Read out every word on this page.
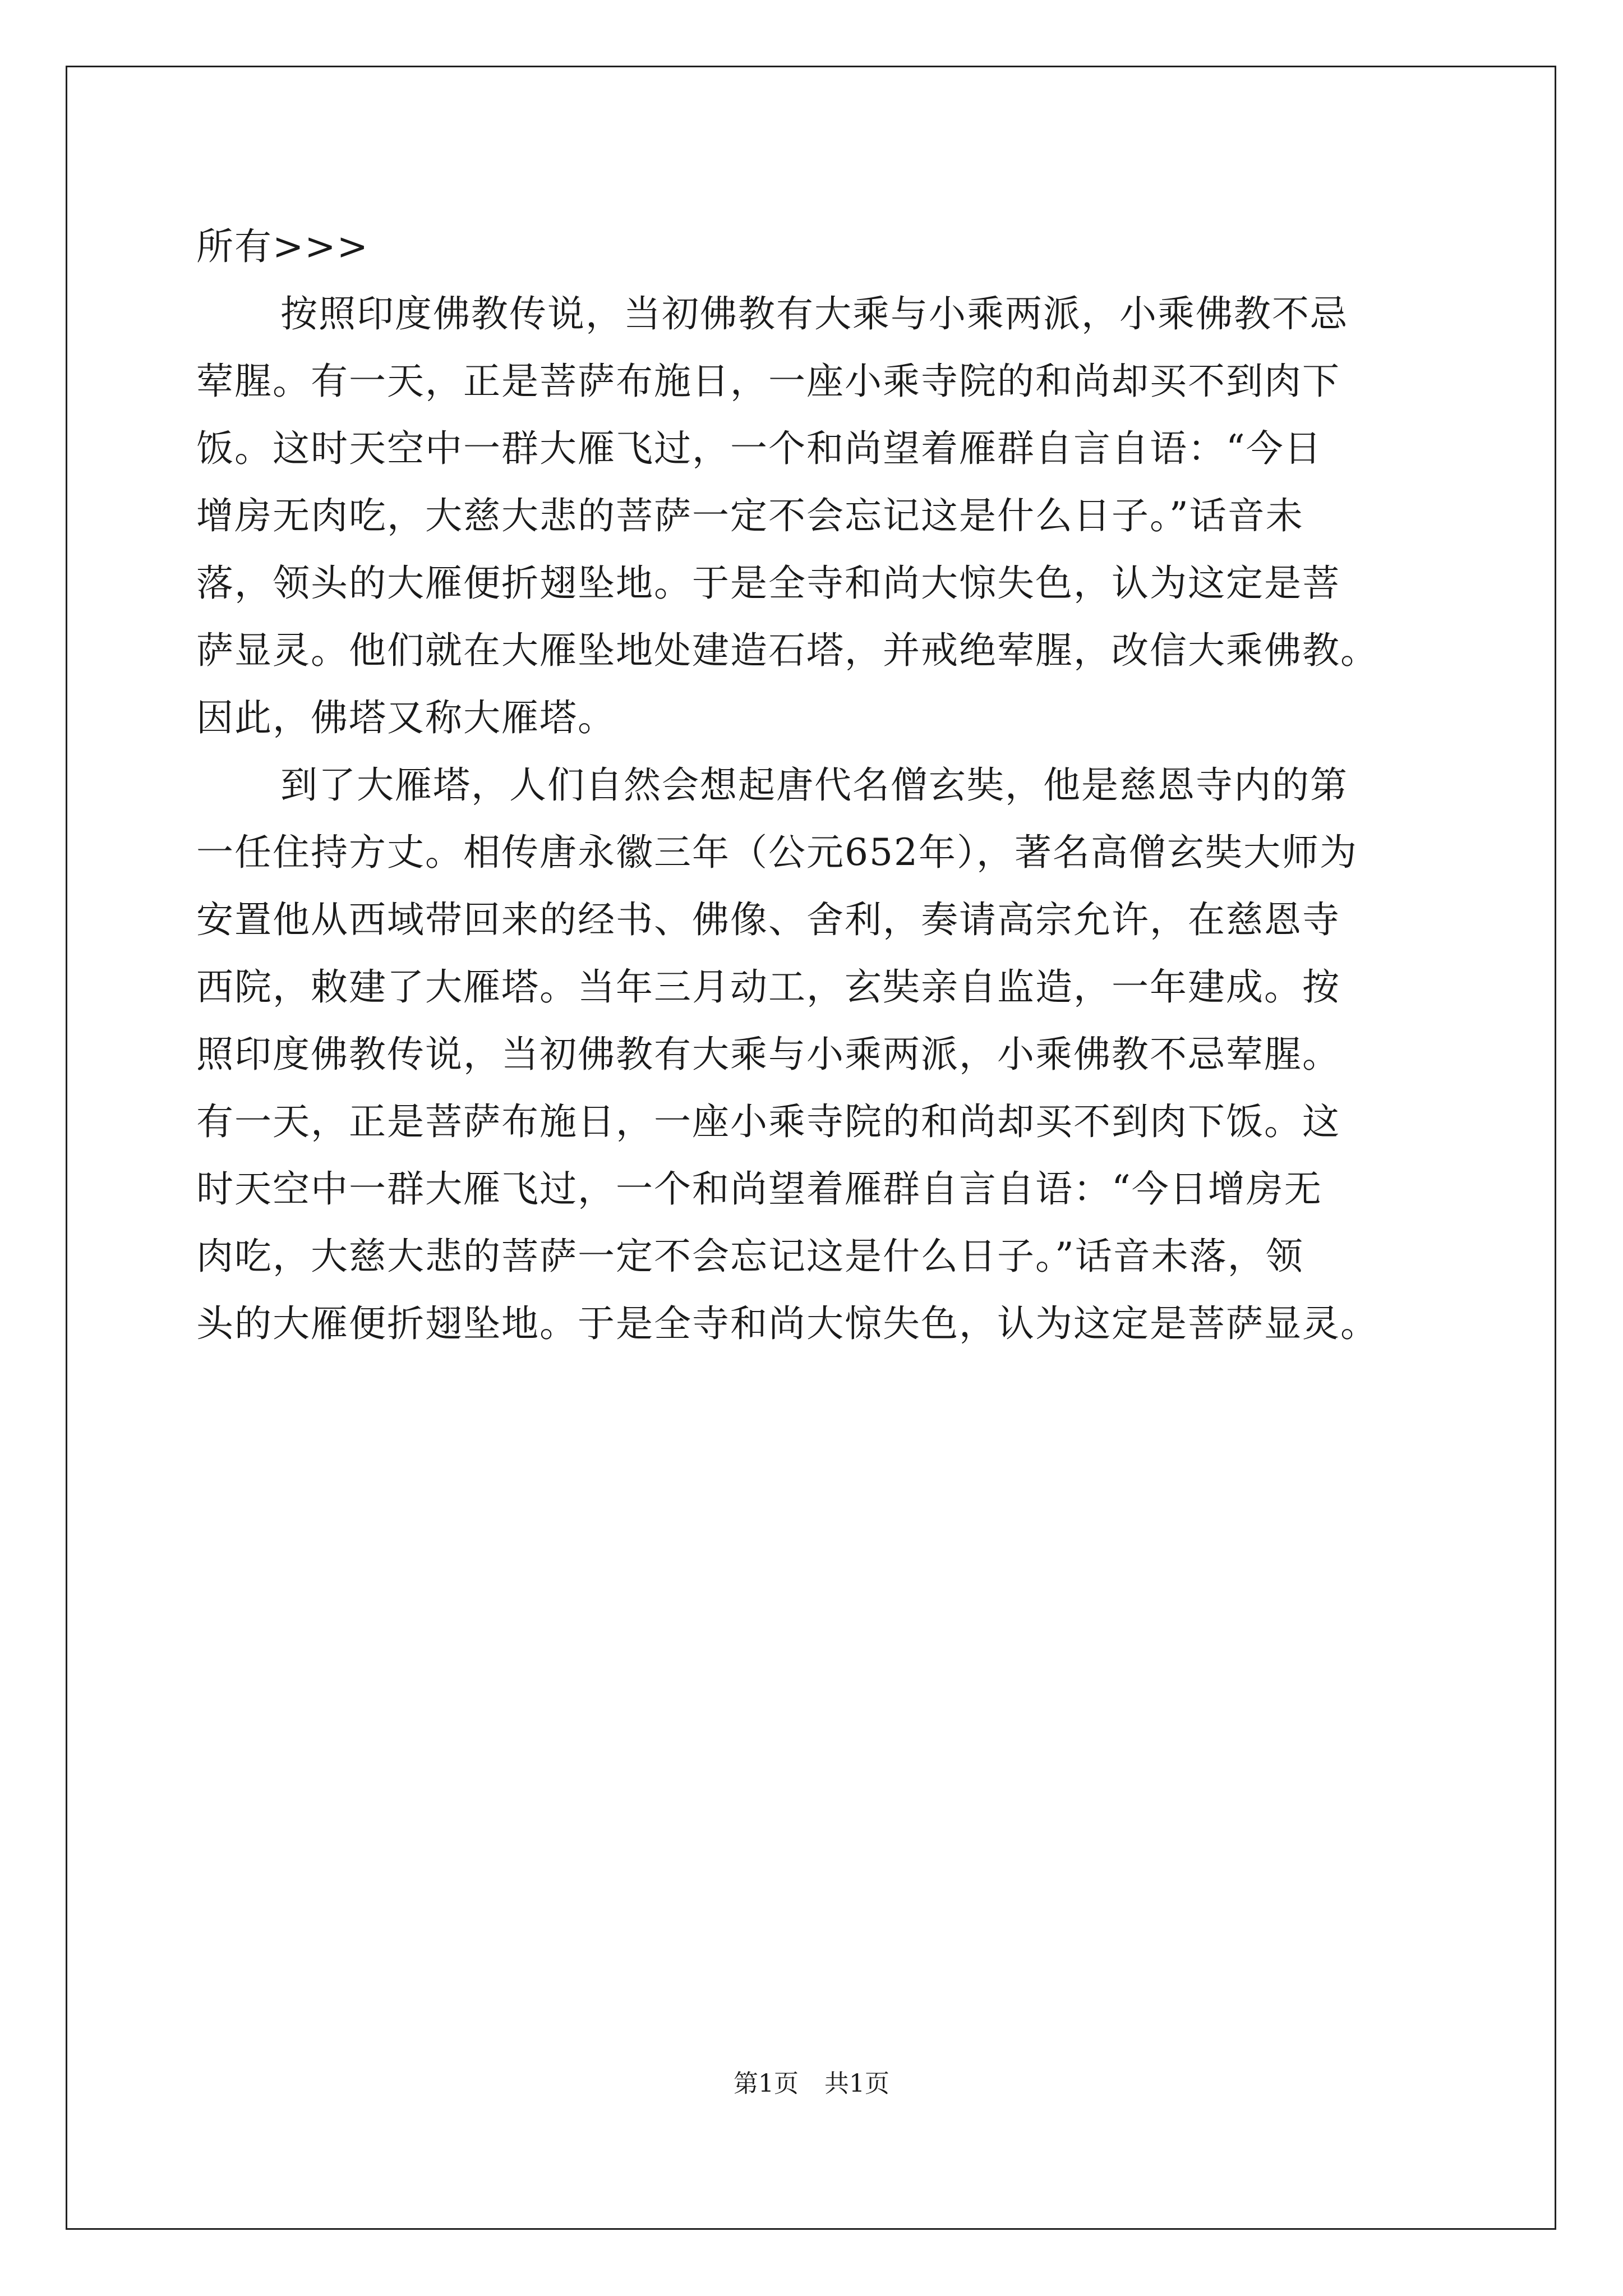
所有>>>
按照印度佛教传说，当初佛教有大乘与小乘两派，小乘佛教不忌
荤腥。有一天，正是菩萨布施日，一座小乘寺院的和尚却买不到肉下
饭。这时天空中一群大雁飞过，一个和尚望着雁群自言自语：“今日
增房无肉吃，大慈大悲的菩萨一定不会忘记这是什么日子。”话音未
落，领头的大雁便折翅坠地。于是全寺和尚大惊失色，认为这定是菩
萨显灵。他们就在大雁坠地处建造石塔，并戒绝荤腥，改信大乘佛教。
因此，佛塔又称大雁塔。
到了大雁塔，人们自然会想起唐代名僧玄奘，他是慈恩寺内的第
一任住持方丈。相传唐永徽三年（公元652年），著名高僧玄奘大师为
安置他从西域带回来的经书、佛像、舍利，奏请高宗允许，在慈恩寺
西院，敕建了大雁塔。当年三月动工，玄奘亲自监造，一年建成。按
照印度佛教传说，当初佛教有大乘与小乘两派，小乘佛教不忌荤腥。
有一天，正是菩萨布施日，一座小乘寺院的和尚却买不到肉下饭。这
时天空中一群大雁飞过，一个和尚望着雁群自言自语：“今日增房无
肉吃，大慈大悲的菩萨一定不会忘记这是什么日子。”话音未落，领
头的大雁便折翅坠地。于是全寺和尚大惊失色，认为这定是菩萨显灵。
第1页 共1页
